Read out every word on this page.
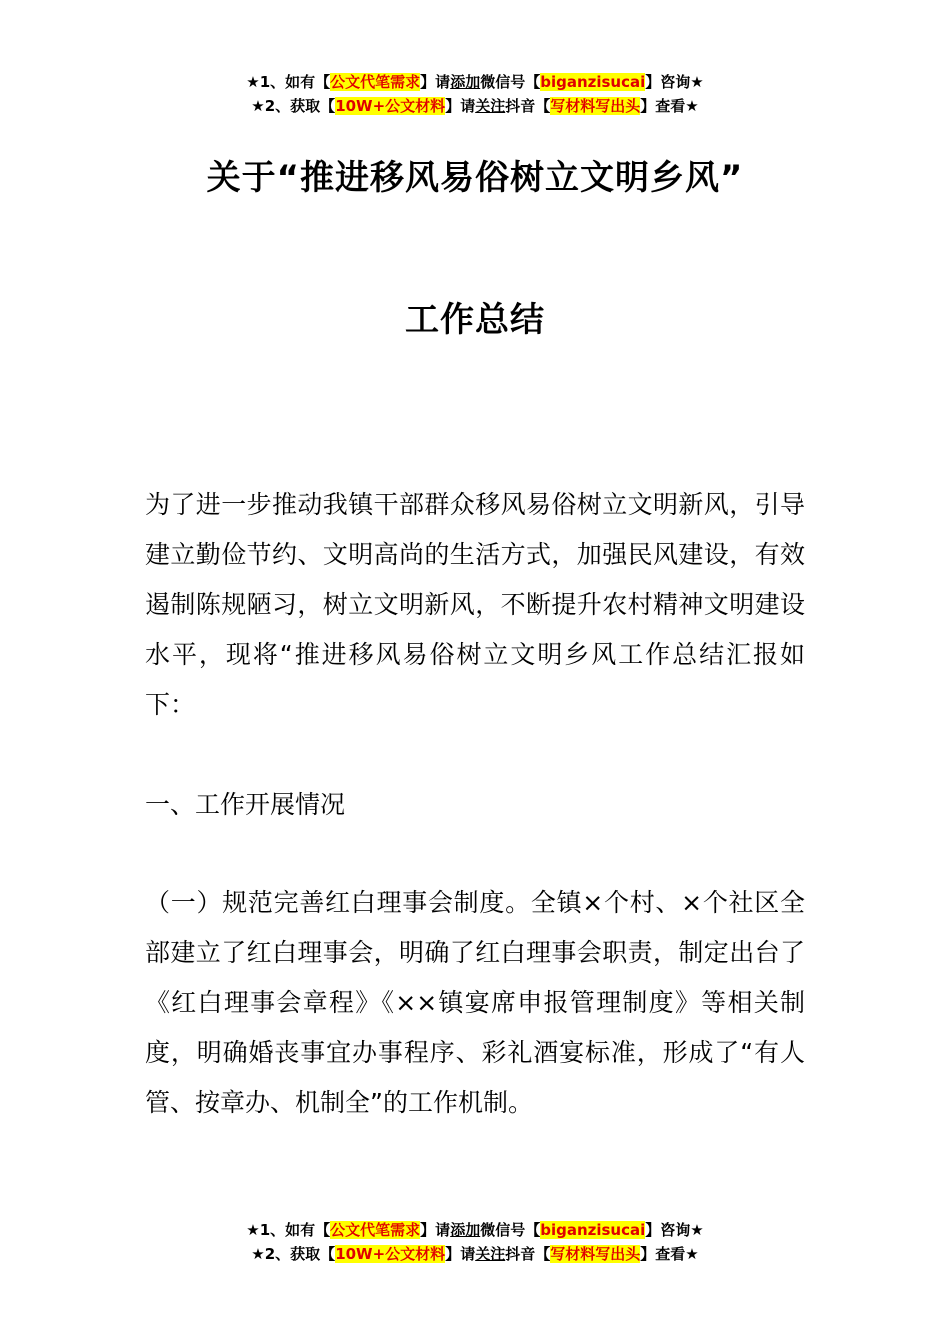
★1、如有【公文代笔需求】请添加微信号【biganzisucai】咨询★
★2、获取【10W+公文材料】请关注抖音【写材料写出头】查看★
关于“推进移风易俗树立文明乡风”
工作总结

为了进一步推动我镇干部群众移风易俗树立文明新风，引导建立勤俭节约、文明高尚的生活方式，加强民风建设，有效遏制陈规陋习，树立文明新风，不断提升农村精神文明建设水平，现将“推进移风易俗树立文明乡风工作总结汇报如下：

一、工作开展情况

（一）规范完善红白理事会制度。全镇×个村、×个社区全部建立了红白理事会，明确了红白理事会职责，制定出台了《红白理事会章程》《××镇宴席申报管理制度》等相关制度，明确婚丧事宜办事程序、彩礼酒宴标准，形成了“有人管、按章办、机制全”的工作机制。

★1、如有【公文代笔需求】请添加微信号【biganzisucai】咨询★
★2、获取【10W+公文材料】请关注抖音【写材料写出头】查看★
